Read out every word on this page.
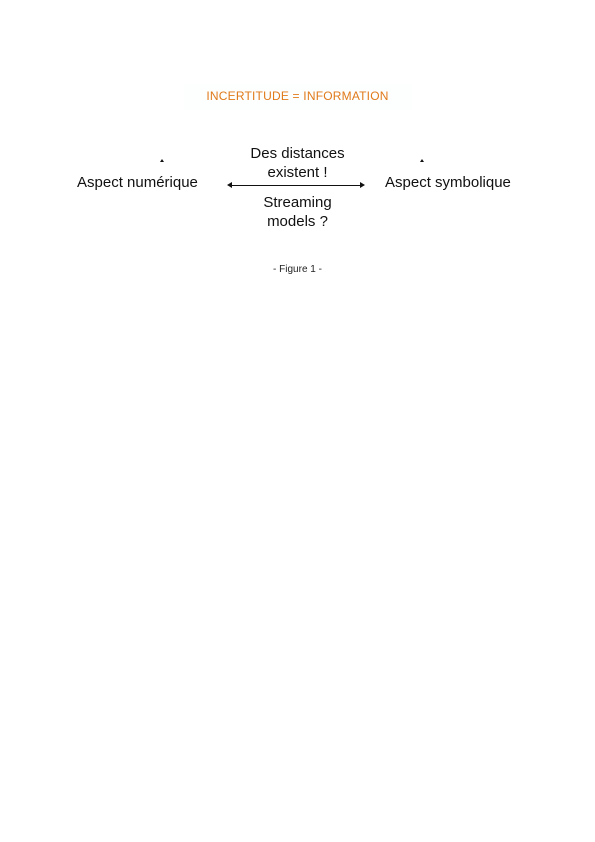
INCERTITUDE = INFORMATION
Aspect numérique	Aspect symbolique
Des distances
existent !
Streaming
models ?
- Figure 1 -
